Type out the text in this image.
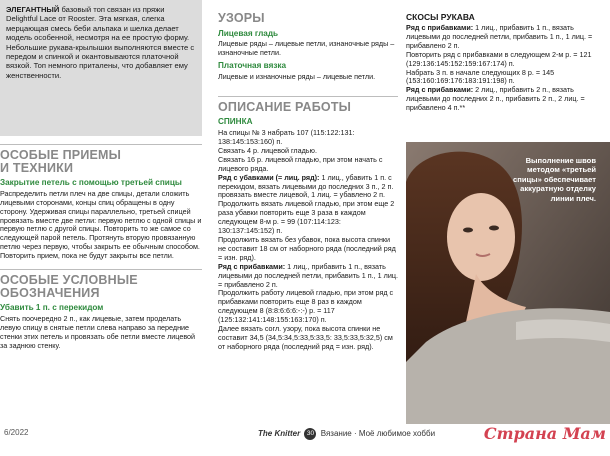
ЭЛЕГАНТНЫЙ базовый топ связан из пряжи Delightful Lace от Rooster. Эта мягкая, слегка мерцающая смесь беби альпака и шелка делает модель особенной, несмотря на ее простую форму. Небольшие рукава-крылышки выполняются вместе с передом и спинкой и окантовываются платочной вязкой. Топ немного приталены, что добавляет ему женственности.
ОСОБЫЕ ПРИЕМЫ
И ТЕХНИКИ
Закрытие петель с помощью третьей спицы

Распределить петли плеч на две спицы, детали сложить лицевыми сторонами, концы спиц обращены в одну сторону. Удерживая спицы параллельно, третьей спицей провязать вместе две петли: первую петлю с одной спицы и первую петлю с другой спицы. Повторить то же самое со следующей парой петель. Протянуть вторую провязанную петлю через первую, чтобы закрыть ее обычным способом. Повторить прием, пока не будут закрыты все петли.

ОСОБЫЕ УСЛОВНЫЕ
ОБОЗНАЧЕНИЯ
Убавить 1 п. с перекидом

Снять поочередно 2 п., как лицевые, затем проделать левую спицу в снятые петли слева направо за передние стенки этих петель и провязать обе петли вместе лицевой за заднюю стенку.

УЗОРЫ
Лицевая гладь

Лицевые ряды – лицевые петли, изнаночные ряды – изнаночные петли.

Платочная вязка

Лицевые и изнаночные ряды – лицевые петли.

ОПИСАНИЕ РАБОТЫ
СПИНКА

На спицы № 3 набрать 107 (115:122:131: 138:145:153:160) п.

Связать 4 р. лицевой гладью.

Связать 16 р. лицевой гладью, при этом начать с лицевого ряда.

Ряд с убавками (= лиц. ряд): 1 лиц., убавить 1 п. с перекидом, вязать лицевыми до последних 3 п., 2 п. провязать вместе лицевой, 1 лиц. = убавлено 2 п.

Продолжить вязать лицевой гладью, при этом еще 2 раза убавки повторить еще 3 раза в каждом следующем 8-м р. = 99 (107:114:123: 130:137:145:152) п.

Продолжить вязать без убавок, пока высота спинки не составит 18 см от наборного ряда (последний ряд = изн. ряд).

Ряд с прибавками: 1 лиц., прибавить 1 п., вязать лицевыми до последней петли, прибавить 1 п., 1 лиц. = прибавлено 2 п.

Продолжить работу лицевой гладью, при этом ряд с прибавками повторить еще 8 раз в каждом следующем 8 (8:8:6:6:6:-:-) р. = 117 (125:132:141:148:155:163:170) п.

Далее вязать согл. узору, пока высота спинки не составит 34,5 (34,5:34,5:33,5:33,5: 33,5:33,5:32,5) см от наборного ряда (последний ряд = изн. ряд).

СКОСЫ РУКАВА

Ряд с прибавками: 1 лиц., прибавить 1 п., вязать лицевыми до последней петли, прибавить 1 п., 1 лиц. = прибавлено 2 п.

Повторить ряд с прибавками в следующем 2-м р. = 121 (129:136:145:152:159:167:174) п.

Набрать 3 п. в начале следующих 8 р. = 145 (153:160:169:176:183:191:198) п.

Ряд с прибавками: 2 лиц., прибавить 2 п., вязать лицевыми до последних 2 п., прибавить 2 п., 2 лиц. = прибавлено 4 п.**

Выполнение швов методом «третьей спицы» обеспечивает аккуратную отделку линии плеч.
6/2022	The Knitter 30 Вязание · Моё любимое хобби	Страна Мам
